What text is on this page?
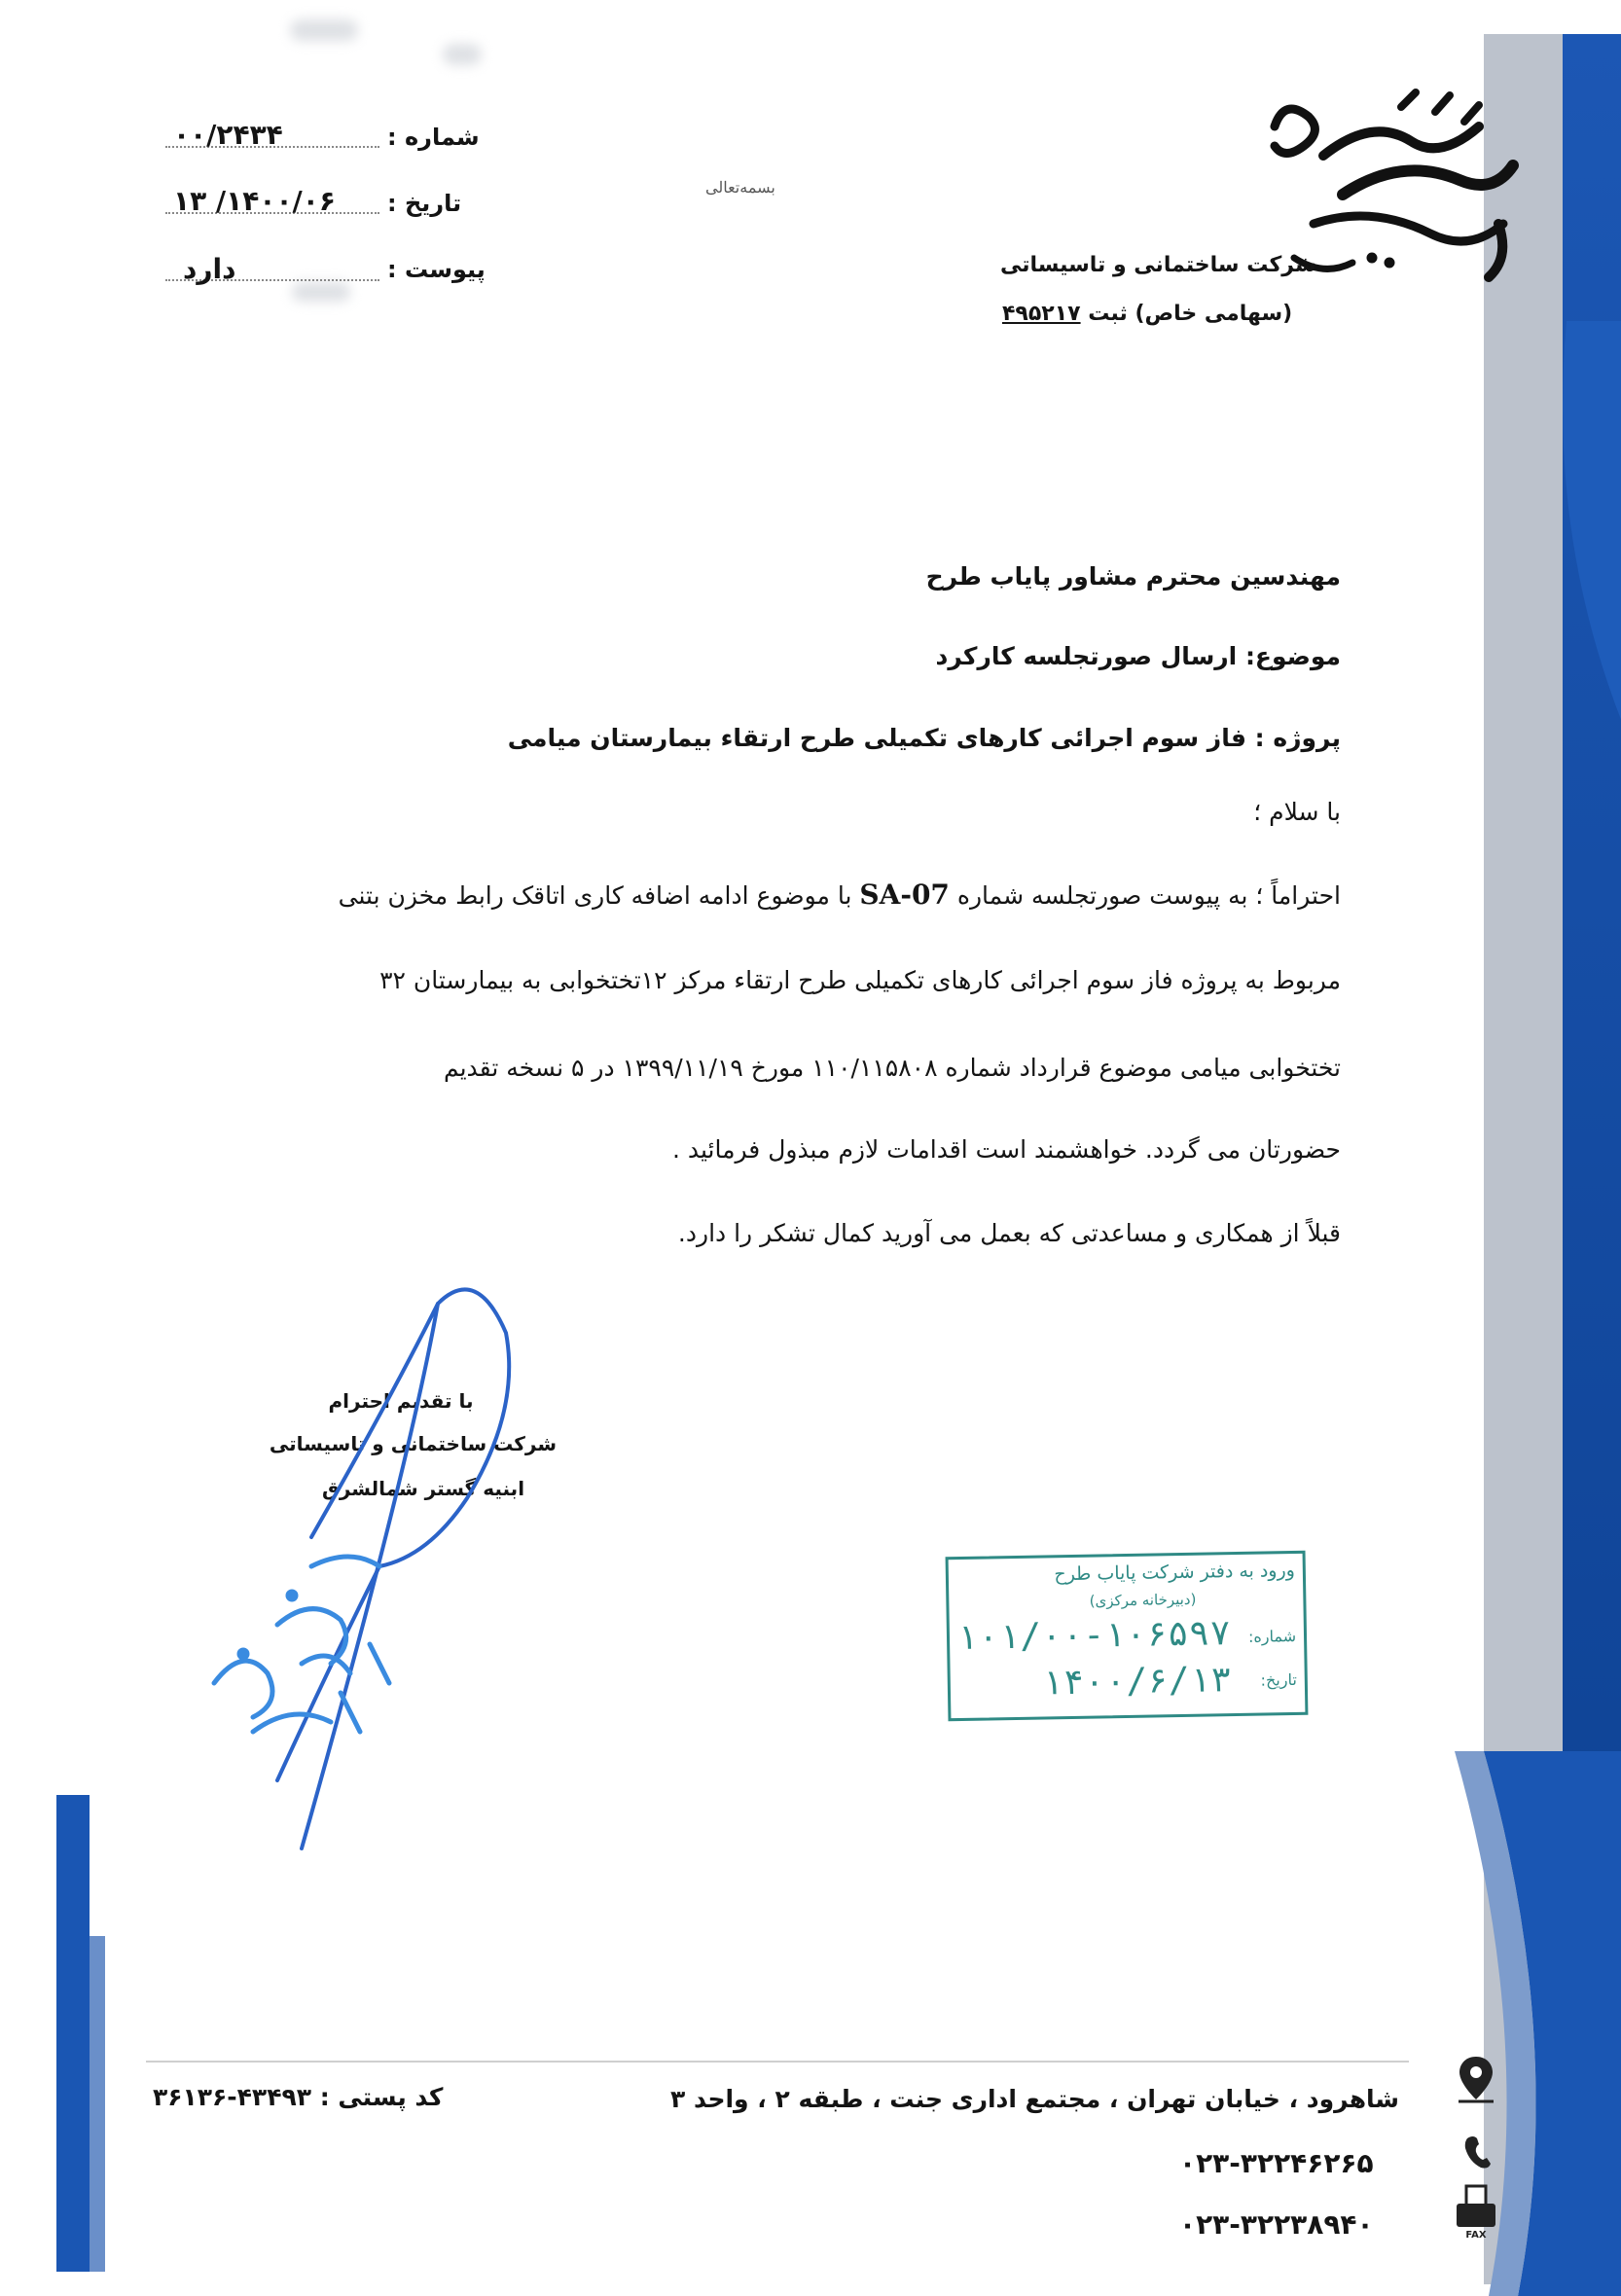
شرکت ساختمانی و تاسیساتی
(سهامی خاص) ثبت ۴۹۵۲۱۷
بسمه‌تعالی
شماره :
۰۰/۲۴۳۴
تاریخ :
۱۴۰۰/۰۶/ ۱۳
پیوست :
دارد
مهندسین محترم مشاور پایاب طرح
موضوع: ارسال صورتجلسه کارکرد
پروژه : فاز سوم اجرائی کارهای تکمیلی طرح ارتقاء بیمارستان میامی
با سلام ؛
احتراماً ؛ به پیوست صورتجلسه شماره SA-07 با موضوع ادامه اضافه کاری اتاقک رابط مخزن بتنی
مربوط به پروژه فاز سوم اجرائی کارهای تکمیلی طرح ارتقاء مرکز ۱۲تختخوابی به بیمارستان ۳۲
تختخوابی میامی موضوع قرارداد شماره ۱۱۰/۱۱۵۸۰۸ مورخ ۱۳۹۹/۱۱/۱۹ در ۵ نسخه تقدیم
حضورتان می گردد. خواهشمند است اقدامات لازم مبذول فرمائید .
قبلاً از همکاری و مساعدتی که بعمل می آورید کمال تشکر را دارد.
با تقدیم احترام
شرکت ساختمانی و تاسیساتی
ابنیه گستر شمالشرق
ورود به دفتر شرکت پایاب طرح
(دبیرخانه مرکزی)
شماره:
۱۰۱/۰۰-۱۰۶۵۹۷
تاریخ:
۱۴۰۰/۶/۱۳
FAX
شاهرود ، خیابان تهران ، مجتمع اداری جنت ، طبقه ۲ ، واحد ۳
کد پستی : ۳۶۱۳۶-۴۳۴۹۳
۰۲۳-۳۲۲۴۶۲۶۵
۰۲۳-۳۲۲۳۸۹۴۰
